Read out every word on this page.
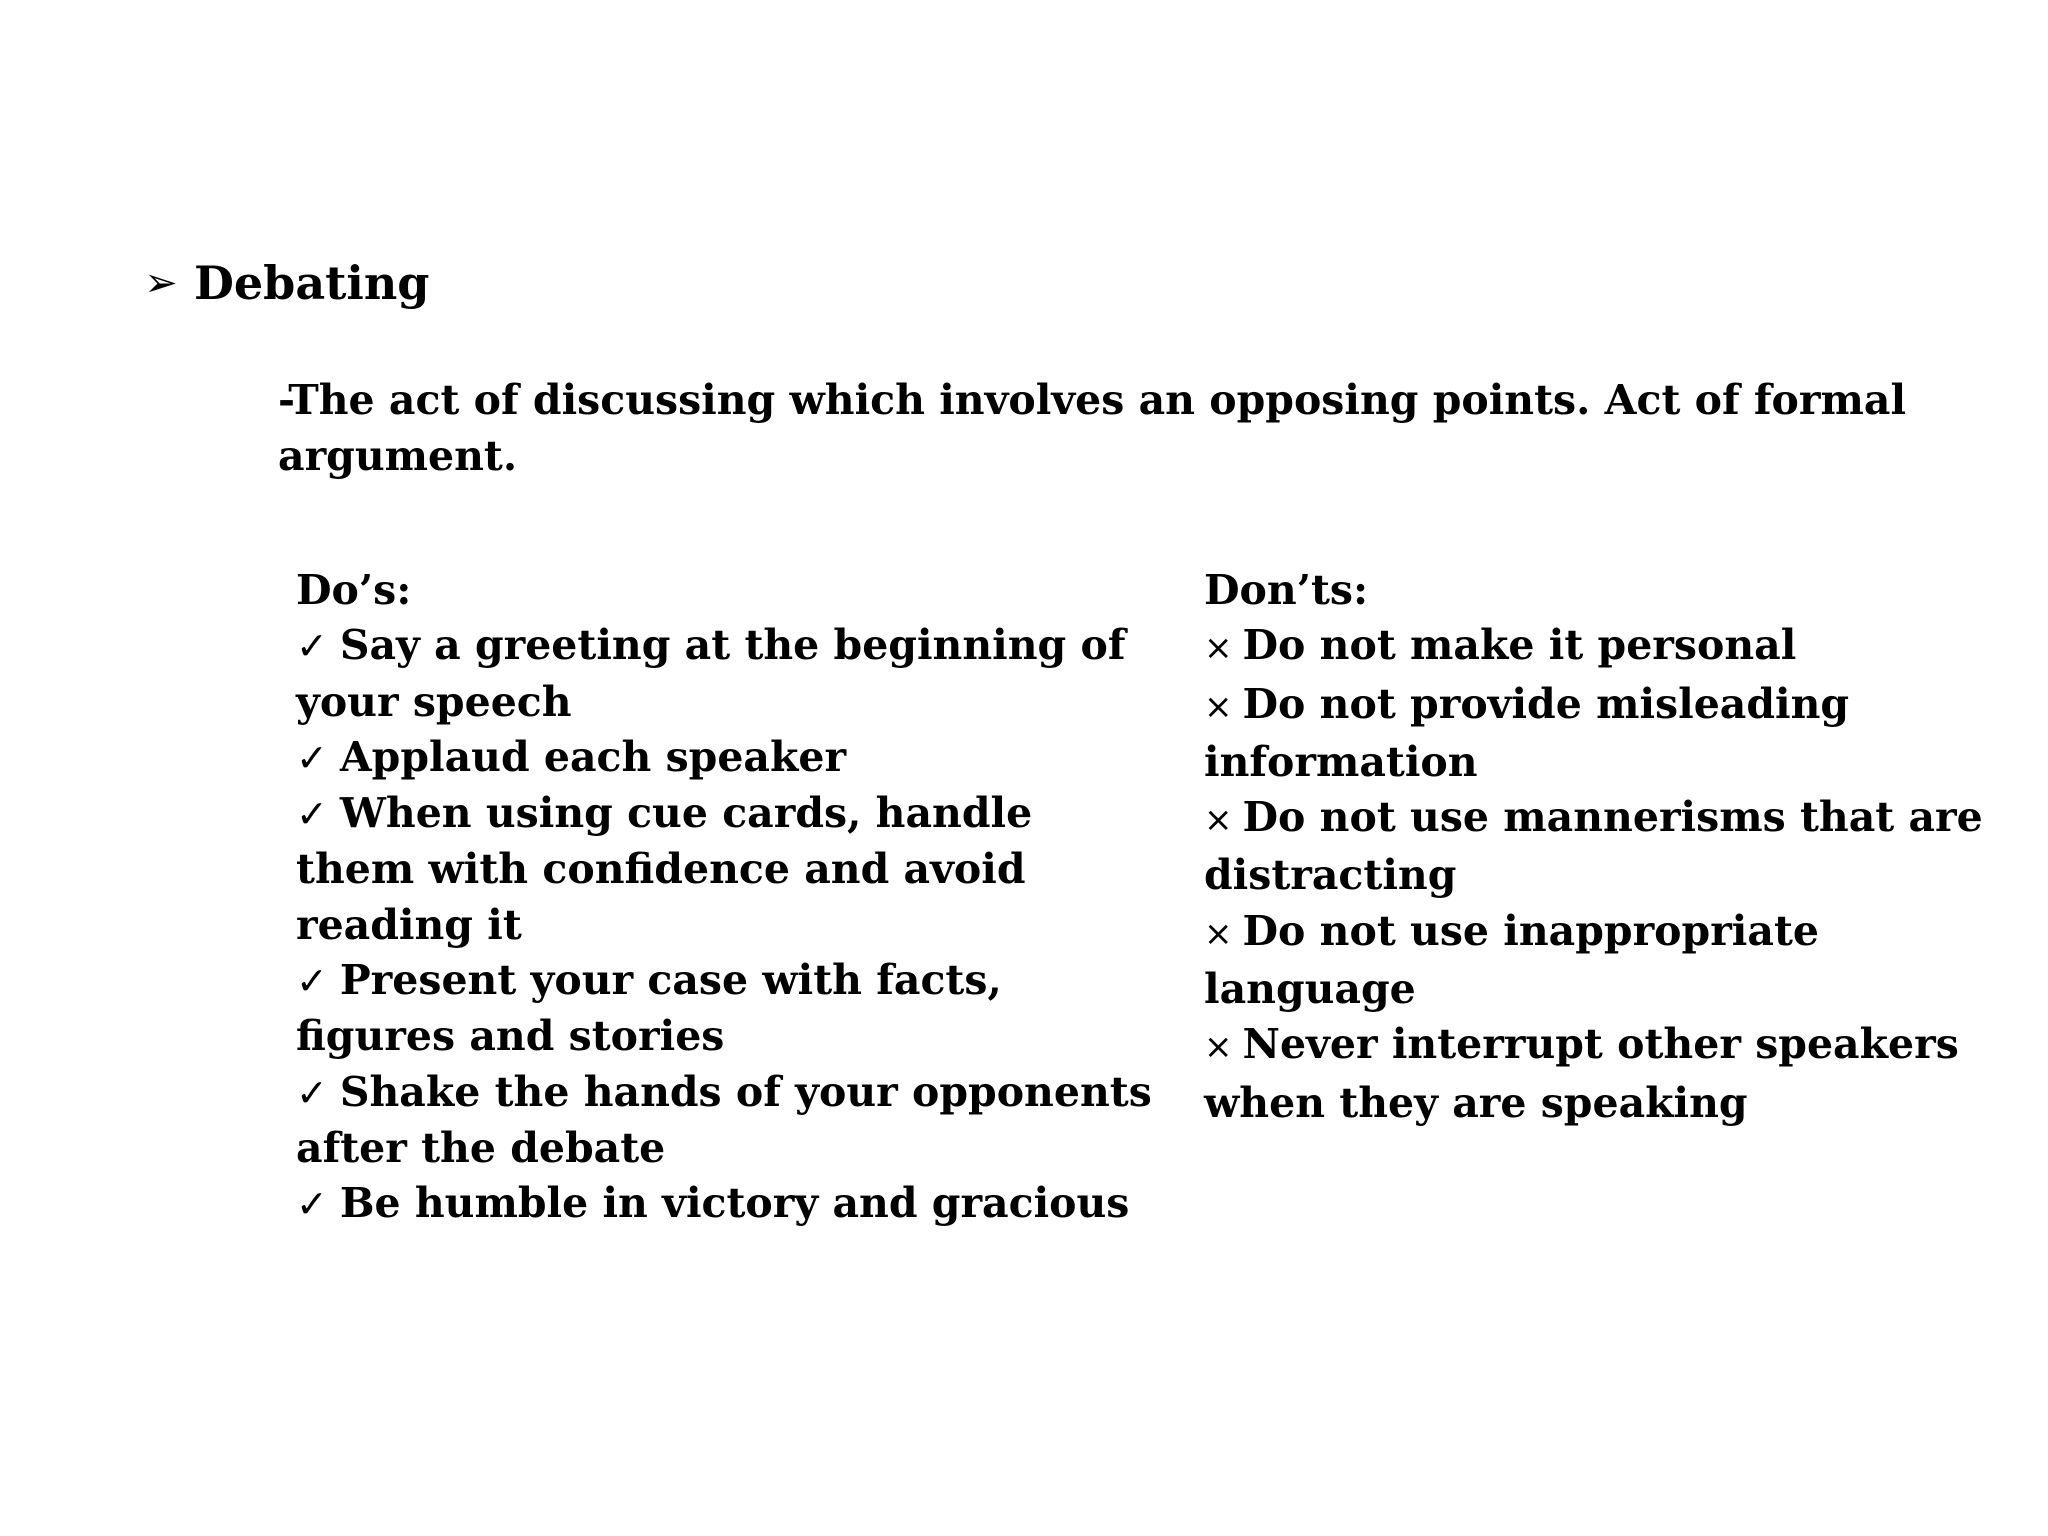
➢ Debating
-The act of discussing which involves an opposing points. Act of formal argument.
Do’s:
✓ Say a greeting at the beginning of your speech
✓ Applaud each speaker
✓ When using cue cards, handle them with confidence and avoid reading it
✓ Present your case with facts, figures and stories
✓ Shake the hands of your opponents after the debate
✓ Be humble in victory and gracious
Don’ts:
× Do not make it personal
× Do not provide misleading information
× Do not use mannerisms that are distracting
× Do not use inappropriate language
× Never interrupt other speakers when they are speaking
